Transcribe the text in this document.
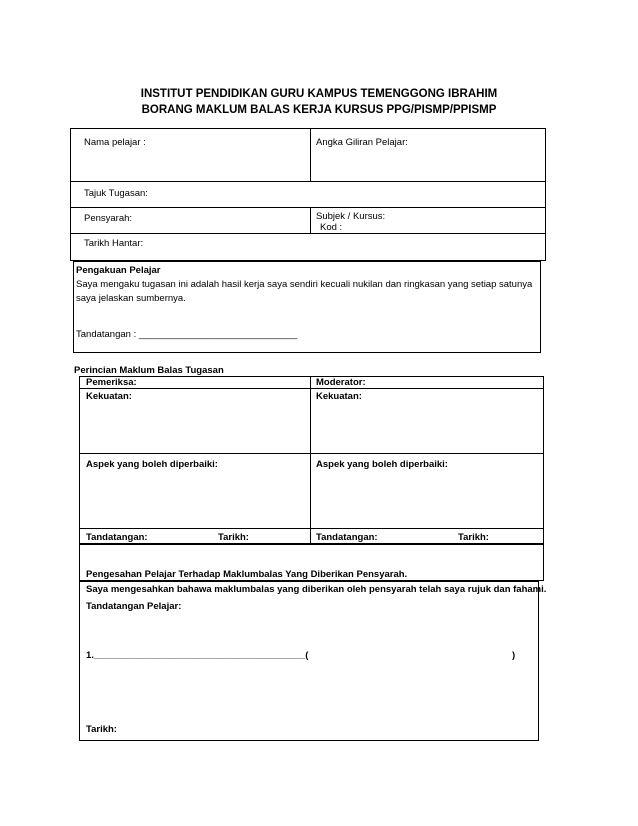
INSTITUT PENDIDIKAN GURU KAMPUS TEMENGGONG IBRAHIM
BORANG MAKLUM BALAS KERJA KURSUS PPG/PISMP/PPISMP
Nama pelajar :	Angka Giliran Pelajar:
Tajuk Tugasan:
Pensyarah:	Subjek / Kursus:
Kod :
Tarikh Hantar:
Pengakuan Pelajar
Saya mengaku tugasan ini adalah hasil kerja saya sendiri kecuali nukilan dan ringkasan yang setiap satunya saya jelaskan sumbernya.
Tandatangan : ______________________________
Perincian Maklum Balas Tugasan
Pemeriksa:	Moderator:
Kekuatan:	Kekuatan:
Aspek yang boleh diperbaiki:	Aspek yang boleh diperbaiki:
Tandatangan:	Tarikh:	Tandatangan:	Tarikh:
Pengesahan Pelajar Terhadap Maklumbalas Yang Diberikan Pensyarah.
Saya mengesahkan bahawa maklumbalas yang diberikan oleh pensyarah telah saya rujuk dan fahami.
Tandatangan Pelajar:
1.________________________________________(	)
Tarikh:
